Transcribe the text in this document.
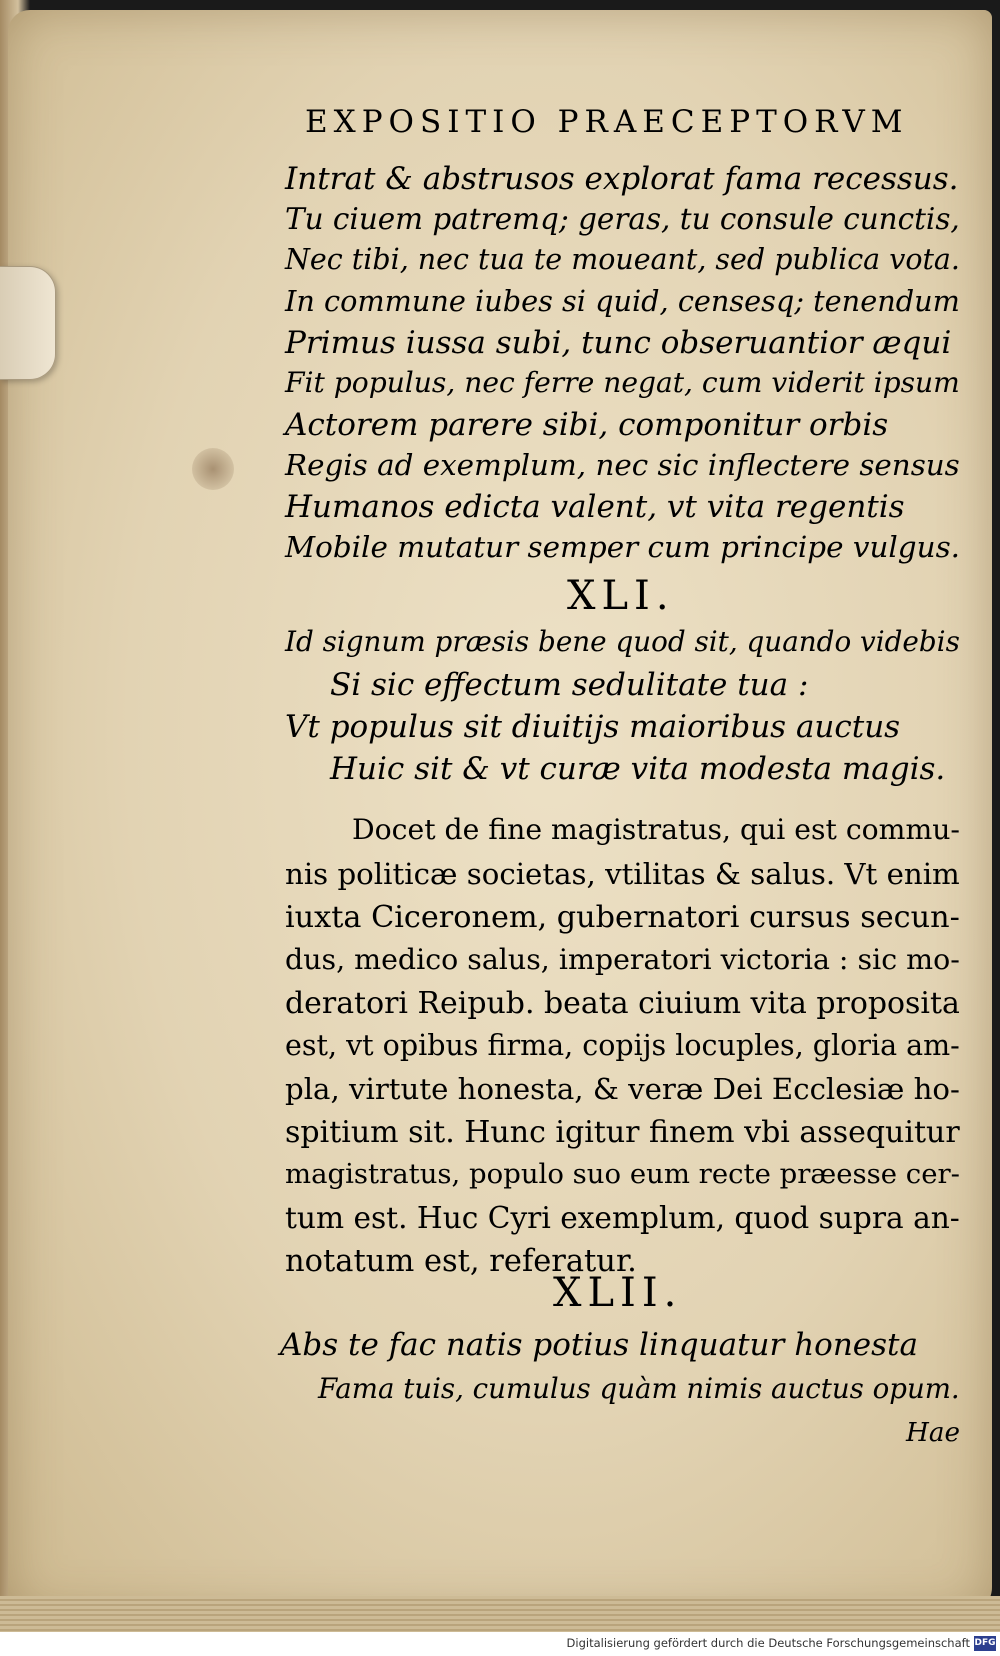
EXPOSITIO PRAECEPTORVM
Intrat & abstrusos explorat fama recessus.
Tu ciuem patremq; geras, tu consule cunctis,
Nec tibi, nec tua te moueant, sed publica vota.
In commune iubes si quid, censesq; tenendum
Primus iussa subi, tunc obseruantior æqui
Fit populus, nec ferre negat, cum viderit ipsum
Actorem parere sibi, componitur orbis
Regis ad exemplum, nec sic inflectere sensus
Humanos edicta valent, vt vita regentis
Mobile mutatur semper cum principe vulgus.
XLI.
Id signum præsis bene quod sit, quando videbis
Si sic effectum sedulitate tua :
Vt populus sit diuitijs maioribus auctus
Huic sit & vt curæ vita modesta magis.
Docet de fine magistratus, qui est commu-
nis politicæ societas, vtilitas & salus. Vt enim
iuxta Ciceronem, gubernatori cursus secun-
dus, medico salus, imperatori victoria : sic mo-
deratori Reipub. beata ciuium vita proposita
est, vt opibus firma, copijs locuples, gloria am-
pla, virtute honesta, & veræ Dei Ecclesiæ ho-
spitium sit. Hunc igitur finem vbi assequitur
magistratus, populo suo eum recte præesse cer-
tum est. Huc Cyri exemplum, quod supra an-
notatum est, referatur.
XLII.
Abs te fac natis potius linquatur honesta
Fama tuis, cumulus quàm nimis auctus opum.
Hae
Digitalisierung gefördert durch die Deutsche Forschungsgemeinschaft DFG
